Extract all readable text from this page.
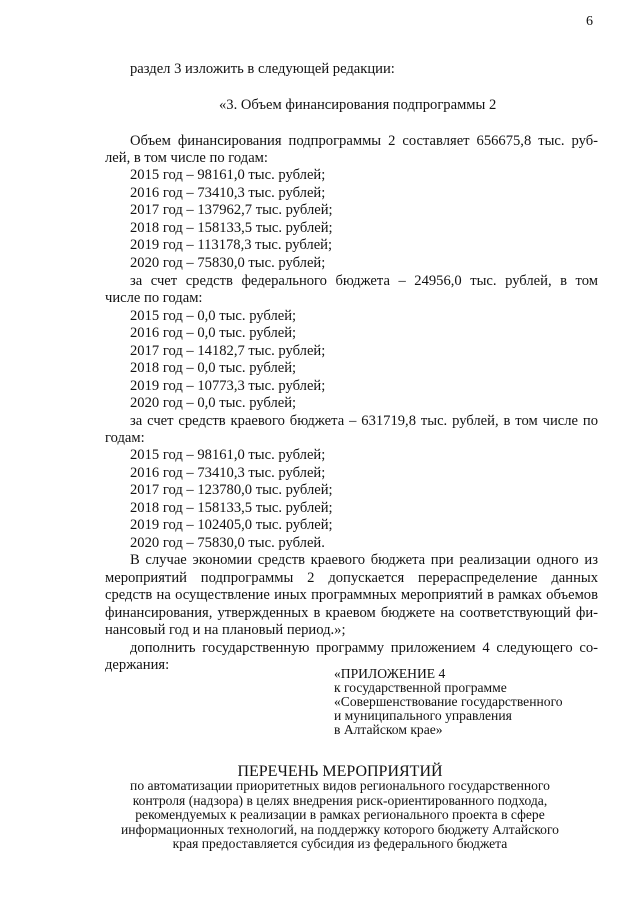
6
раздел 3 изложить в следующей редакции:
«3. Объем финансирования подпрограммы 2
Объем финансирования подпрограммы 2 составляет 656675,8 тыс. руб-
лей, в том числе по годам:
2015 год – 98161,0 тыс. рублей;
2016 год – 73410,3 тыс. рублей;
2017 год – 137962,7 тыс. рублей;
2018 год – 158133,5 тыс. рублей;
2019 год – 113178,3 тыс. рублей;
2020 год – 75830,0 тыс. рублей;
за счет средств федерального бюджета – 24956,0 тыс. рублей, в том
числе по годам:
2015 год – 0,0 тыс. рублей;
2016 год – 0,0 тыс. рублей;
2017 год – 14182,7 тыс. рублей;
2018 год – 0,0 тыс. рублей;
2019 год – 10773,3 тыс. рублей;
2020 год – 0,0 тыс. рублей;
за счет средств краевого бюджета – 631719,8 тыс. рублей, в том числе по
годам:
2015 год – 98161,0 тыс. рублей;
2016 год – 73410,3 тыс. рублей;
2017 год – 123780,0 тыс. рублей;
2018 год – 158133,5 тыс. рублей;
2019 год – 102405,0 тыс. рублей;
2020 год – 75830,0 тыс. рублей.
В случае экономии средств краевого бюджета при реализации одного из
мероприятий подпрограммы 2 допускается перераспределение данных
средств на осуществление иных программных мероприятий в рамках объемов
финансирования, утвержденных в краевом бюджете на соответствующий фи-
нансовый год и на плановый период.»;
дополнить государственную программу приложением 4 следующего со-
держания:
«ПРИЛОЖЕНИЕ 4
к государственной программе
«Совершенствование государственного
и муниципального управления
в Алтайском крае»
ПЕРЕЧЕНЬ МЕРОПРИЯТИЙ
по автоматизации приоритетных видов регионального государственного
контроля (надзора) в целях внедрения риск-ориентированного подхода,
рекомендуемых к реализации в рамках регионального проекта в сфере
информационных технологий, на поддержку которого бюджету Алтайского
края предоставляется субсидия из федерального бюджета
